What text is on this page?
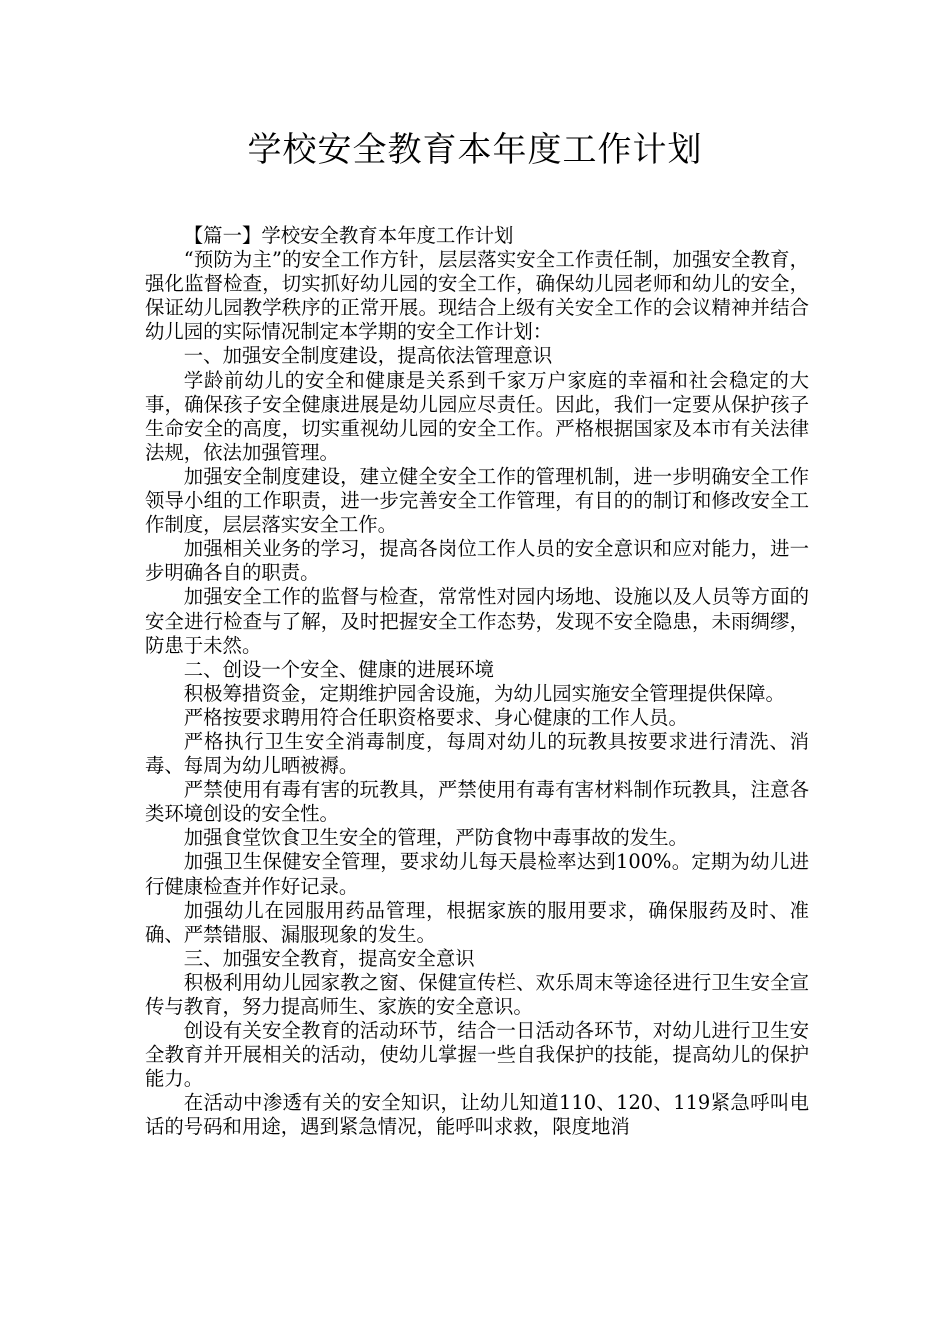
学校安全教育本年度工作计划

【篇一】学校安全教育本年度工作计划

“预防为主”的安全工作方针，层层落实安全工作责任制，加强安全教育，强化监督检查，切实抓好幼儿园的安全工作，确保幼儿园老师和幼儿的安全，保证幼儿园教学秩序的正常开展。现结合上级有关安全工作的会议精神并结合幼儿园的实际情况制定本学期的安全工作计划：

一、加强安全制度建设，提高依法管理意识

学龄前幼儿的安全和健康是关系到千家万户家庭的幸福和社会稳定的大事，确保孩子安全健康进展是幼儿园应尽责任。因此，我们一定要从保护孩子生命安全的高度，切实重视幼儿园的安全工作。严格根据国家及本市有关法律法规，依法加强管理。

加强安全制度建设，建立健全安全工作的管理机制，进一步明确安全工作领导小组的工作职责，进一步完善安全工作管理，有目的的制订和修改安全工作制度，层层落实安全工作。

加强相关业务的学习，提高各岗位工作人员的安全意识和应对能力，进一步明确各自的职责。

加强安全工作的监督与检查，常常性对园内场地、设施以及人员等方面的安全进行检查与了解，及时把握安全工作态势，发现不安全隐患，未雨绸缪，防患于未然。

二、创设一个安全、健康的进展环境

积极筹措资金，定期维护园舍设施，为幼儿园实施安全管理提供保障。

严格按要求聘用符合任职资格要求、身心健康的工作人员。

严格执行卫生安全消毒制度，每周对幼儿的玩教具按要求进行清洗、消毒、每周为幼儿晒被褥。

严禁使用有毒有害的玩教具，严禁使用有毒有害材料制作玩教具，注意各类环境创设的安全性。

加强食堂饮食卫生安全的管理，严防食物中毒事故的发生。

加强卫生保健安全管理，要求幼儿每天晨检率达到100%。定期为幼儿进行健康检查并作好记录。

加强幼儿在园服用药品管理，根据家族的服用要求，确保服药及时、准确、严禁错服、漏服现象的发生。

三、加强安全教育，提高安全意识

积极利用幼儿园家教之窗、保健宣传栏、欢乐周末等途径进行卫生安全宣传与教育，努力提高师生、家族的安全意识。

创设有关安全教育的活动环节，结合一日活动各环节，对幼儿进行卫生安全教育并开展相关的活动，使幼儿掌握一些自我保护的技能，提高幼儿的保护能力。

在活动中渗透有关的安全知识，让幼儿知道110、120、119紧急呼叫电话的号码和用途，遇到紧急情况，能呼叫求救，限度地消
